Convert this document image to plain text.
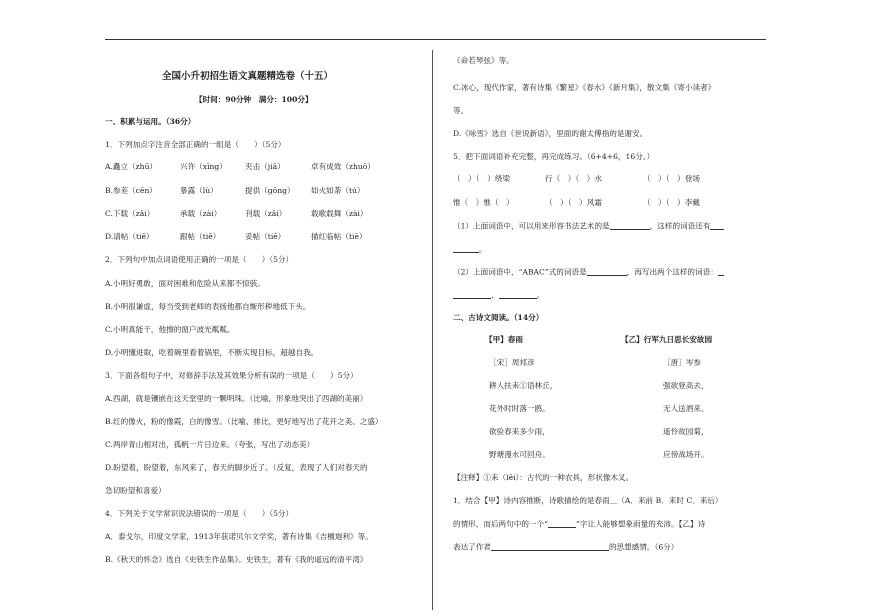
全国小升初招生语文真题精选卷（十五）
【时间：90分钟　满分：100分】
一、积累与运用。（36分）
1．下列加点字注音全部正确的一组是（　　）（5分）
A.矗立（zhū）	兴许（xīng） 夹击（jiā）	卓有成效（zhuō）
B.参差（cēn）	暴露（lù）	提供（gōng） 如火如荼（tú）
C.下载（zǎi）	承载（zài）	刊载（zǎi）	载歌载舞（zài）
D.请帖（tiě）	跟帖（tiě）	妥帖（tiē）	描红临帖（tiè）
2．下列句中加点词语使用正确的一项是（　　）（5分）
A.小明好勇敢，面对困难和危险从来都不惊骇。
B.小明很谦虚，每当受到老师的表扬他都自惭形秽地低下头。
C.小明真能干，他擦的窗户波光粼粼。
D.小明懂进取，吃着碗里看着锅里，不断实现目标，超越自我。
3．下面各组句子中，对修辞手法及其效果分析有误的一项是（　　）5分）
A.西湖，就是镶嵌在这天堂里的一颗明珠。（比喻，形象地突出了西湖的美丽）
B.红的像火，粉的像霞，白的像雪。（比喻、排比，更好地写出了花开之美、之盛）
C.两岸青山相对出，孤帆一片日边来。（夸张，写出了动态美）
D.盼望着，盼望着，东风来了，春天的脚步近了。（反复，表现了人们对春天的
急切盼望和喜爱）
4．下列关于文学常识说法错误的一项是（　　）（5分）
A．泰戈尔，印度文学家，1913年获诺贝尔文学奖，著有诗集《吉檀迦利》等。
B.《秋天的怀念》选自《史铁生作品集》。史铁生，著有《我的遥远的清平湾》
《命若琴弦》等。
C.冰心，现代作家，著有诗集《繁星》《春水》《新月集》，散文集《寄小读者》
等。
D.《咏雪》选自《世说新语》，里面的谢太傅指的是谢安。
5．把下面词语补充完整，再完成练习。（6+4+6，16分。）
（　）（　）绕梁	行（　）（　）水	（　）（　）登场
惟（　）惟（　）	（　）（　）风霜	（　）（　）李戴
（1）上面词语中，可以用来形容书法艺术的是	，这样的词语还有
。
（2）上面词语中，“ABAC”式的词语是	，再写出两个这样的词语：
、	。
二、古诗文阅读。（14分）
【甲】春雨	【乙】行军九日思长安故园
［宋］周邦彦	［唐］岑参
耕人扶耒①语林丘，	强欲登高去，
花外时时落一鸥。	无人送酒来。
欲验春来多少雨，	遥怜故园菊，
野塘漫水可回舟。	应傍战场开。
【注释】①耒（lěi）：古代的一种农具，形状像木叉。
1．结合【甲】诗内容推断，诗歌描绘的是春雨＿（A．来前 B．来时 C．来后）
的情形，而后两句中的一个“	”字让人能够想象雨量的充沛。【乙】诗
表达了作者	的思想感情。（6分）
